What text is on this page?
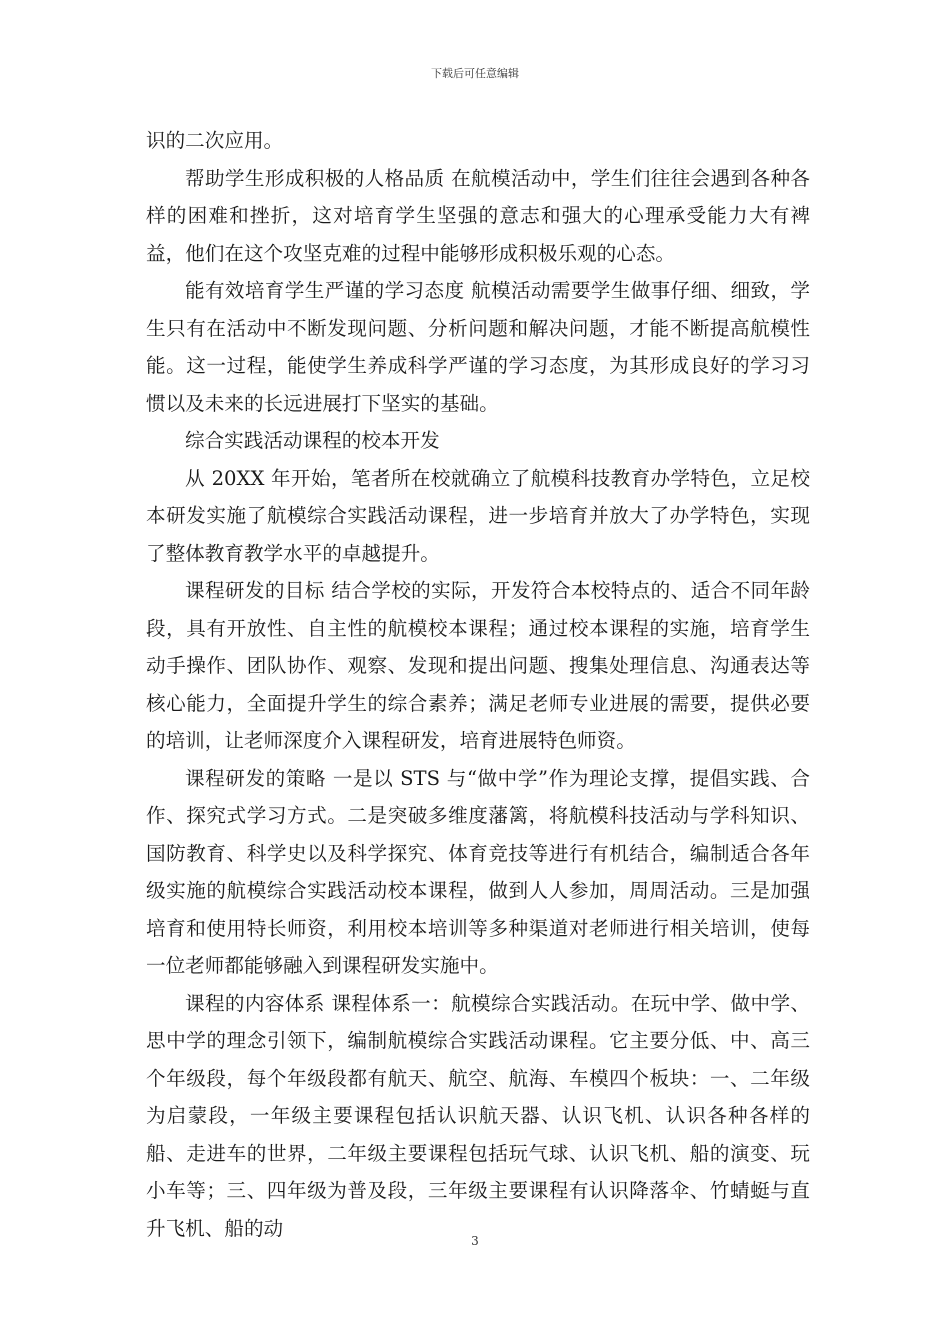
下载后可任意编辑

识的二次应用。

帮助学生形成积极的人格品质 在航模活动中，学生们往往会遇到各种各样的困难和挫折，这对培育学生坚强的意志和强大的心理承受能力大有裨益，他们在这个攻坚克难的过程中能够形成积极乐观的心态。

能有效培育学生严谨的学习态度 航模活动需要学生做事仔细、细致，学生只有在活动中不断发现问题、分析问题和解决问题，才能不断提高航模性能。这一过程，能使学生养成科学严谨的学习态度，为其形成良好的学习习惯以及未来的长远进展打下坚实的基础。

综合实践活动课程的校本开发

从 20XX 年开始，笔者所在校就确立了航模科技教育办学特色，立足校本研发实施了航模综合实践活动课程，进一步培育并放大了办学特色，实现了整体教育教学水平的卓越提升。

课程研发的目标 结合学校的实际，开发符合本校特点的、适合不同年龄段，具有开放性、自主性的航模校本课程；通过校本课程的实施，培育学生动手操作、团队协作、观察、发现和提出问题、搜集处理信息、沟通表达等核心能力，全面提升学生的综合素养；满足老师专业进展的需要，提供必要的培训，让老师深度介入课程研发，培育进展特色师资。

课程研发的策略 一是以 STS 与“做中学”作为理论支撑，提倡实践、合作、探究式学习方式。二是突破多维度藩篱，将航模科技活动与学科知识、国防教育、科学史以及科学探究、体育竞技等进行有机结合，编制适合各年级实施的航模综合实践活动校本课程，做到人人参加，周周活动。三是加强培育和使用特长师资，利用校本培训等多种渠道对老师进行相关培训，使每一位老师都能够融入到课程研发实施中。

课程的内容体系 课程体系一：航模综合实践活动。在玩中学、做中学、思中学的理念引领下，编制航模综合实践活动课程。它主要分低、中、高三个年级段，每个年级段都有航天、航空、航海、车模四个板块：一、二年级为启蒙段，一年级主要课程包括认识航天器、认识飞机、认识各种各样的船、走进车的世界，二年级主要课程包括玩气球、认识飞机、船的演变、玩小车等；三、四年级为普及段，三年级主要课程有认识降落伞、竹蜻蜓与直升飞机、船的动

3
